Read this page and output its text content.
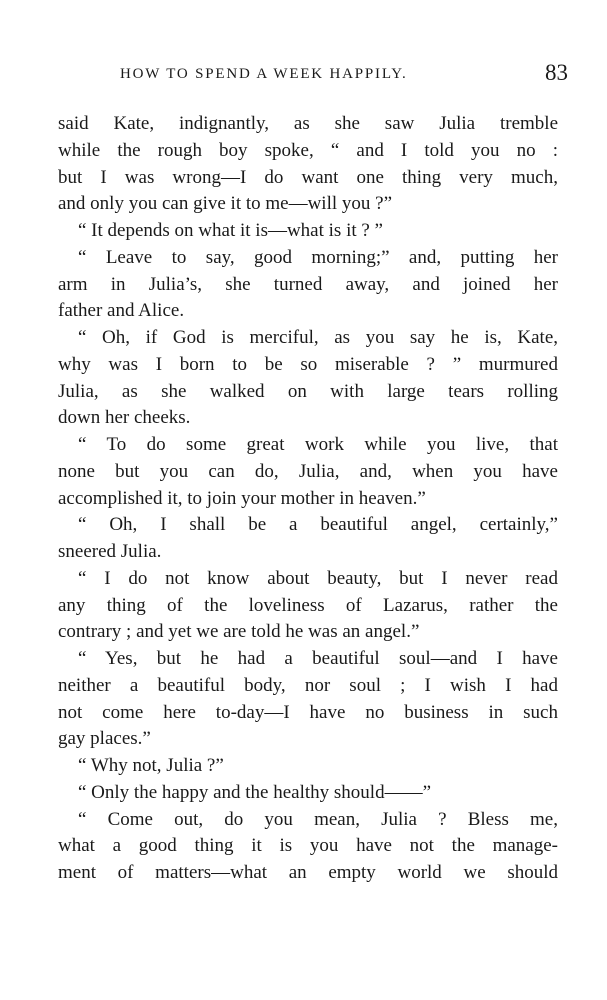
HOW TO SPEND A WEEK HAPPILY.	83
said Kate, indignantly, as she saw Julia tremble
while the rough boy spoke, “ and I told you no :
but I was wrong—I do want one thing very much,
and only you can give it to me—will you ?”
“ It depends on what it is—what is it ? ”
“ Leave to say, good morning;” and, putting her
arm in Julia’s, she turned away, and joined her
father and Alice.
“ Oh, if God is merciful, as you say he is, Kate,
why was I born to be so miserable ? ” murmured
Julia, as she walked on with large tears rolling
down her cheeks.
“ To do some great work while you live, that
none but you can do, Julia, and, when you have
accomplished it, to join your mother in heaven.”
“ Oh, I shall be a beautiful angel, certainly,”
sneered Julia.
“ I do not know about beauty, but I never read
any thing of the loveliness of Lazarus, rather the
contrary ; and yet we are told he was an angel.”
“ Yes, but he had a beautiful soul—and I have
neither a beautiful body, nor soul ; I wish I had
not come here to-day—I have no business in such
gay places.”
“ Why not, Julia ?”
“ Only the happy and the healthy should——”
“ Come out, do you mean, Julia ? Bless me,
what a good thing it is you have not the manage-
ment of matters—what an empty world we should
